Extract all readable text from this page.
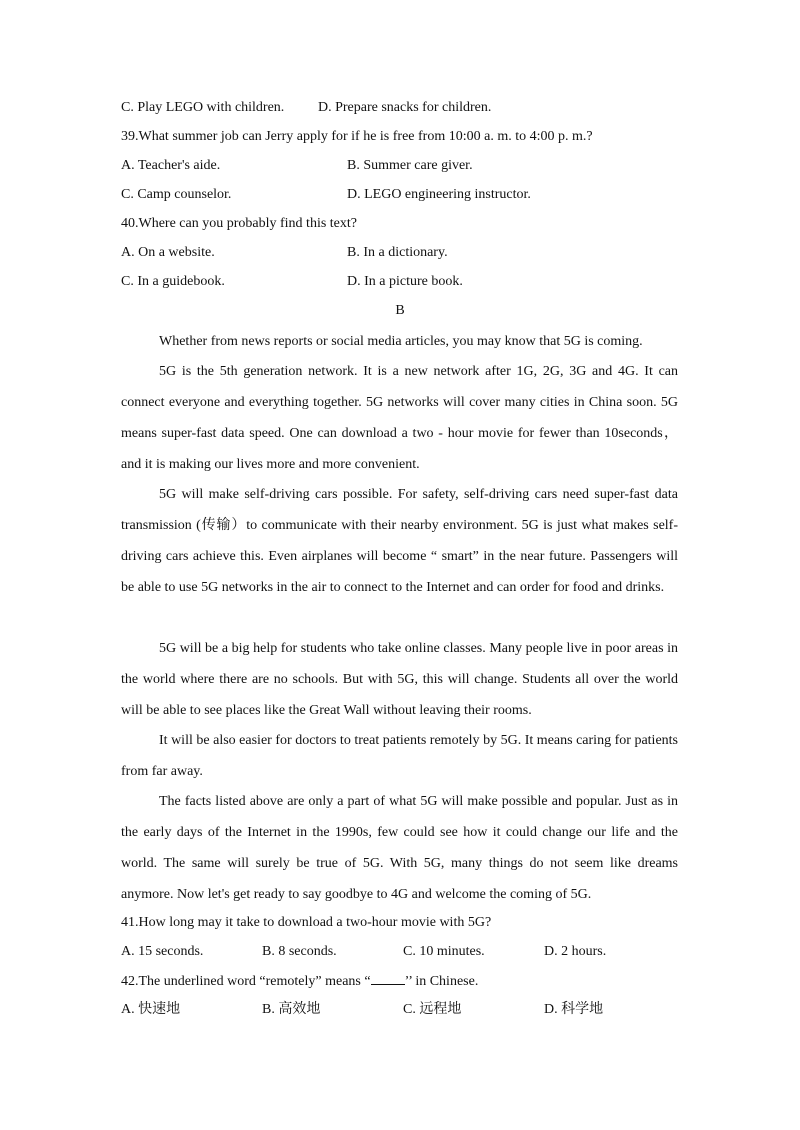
C. Play LEGO with children. D. Prepare snacks for children.
39.What summer job can Jerry apply for if he is free from 10:00 a. m. to 4:00 p. m.?
A. Teacher's aide.	B. Summer care giver.
C. Camp counselor.	D. LEGO engineering instructor.
40.Where can you probably find this text?
A. On a website.	B. In a dictionary.
C. In a guidebook.	D. In a picture book.
B
Whether from news reports or social media articles, you may know that 5G is coming.
5G is the 5th generation network. It is a new network after 1G, 2G, 3G and 4G. It can connect everyone and everything together. 5G networks will cover many cities in China soon. 5G means super-fast data speed. One can download a two - hour movie for fewer than 10seconds，and it is making our lives more and more convenient.
5G will make self-driving cars possible. For safety, self-driving cars need super-fast data transmission (传输）to communicate with their nearby environment. 5G is just what makes self-driving cars achieve this. Even airplanes will become “ smart” in the near future. Passengers will be able to use 5G networks in the air to connect to the Internet and can order for food and drinks.
5G will be a big help for students who take online classes. Many people live in poor areas in the world where there are no schools. But with 5G, this will change. Students all over the world will be able to see places like the Great Wall without leaving their rooms.
It will be also easier for doctors to treat patients remotely by 5G. It means caring for patients from far away.
The facts listed above are only a part of what 5G will make possible and popular. Just as in the early days of the Internet in the 1990s, few could see how it could change our life and the world. The same will surely be true of 5G. With 5G, many things do not seem like dreams anymore. Now let's get ready to say goodbye to 4G and welcome the coming of 5G.
41.How long may it take to download a two-hour movie with 5G?
A. 15 seconds.	B. 8 seconds.	C. 10 minutes.	D. 2 hours.
42.The underlined word “remotely” means “ ’’ in Chinese.
A. 快速地	B. 高效地	C. 远程地	D. 科学地
